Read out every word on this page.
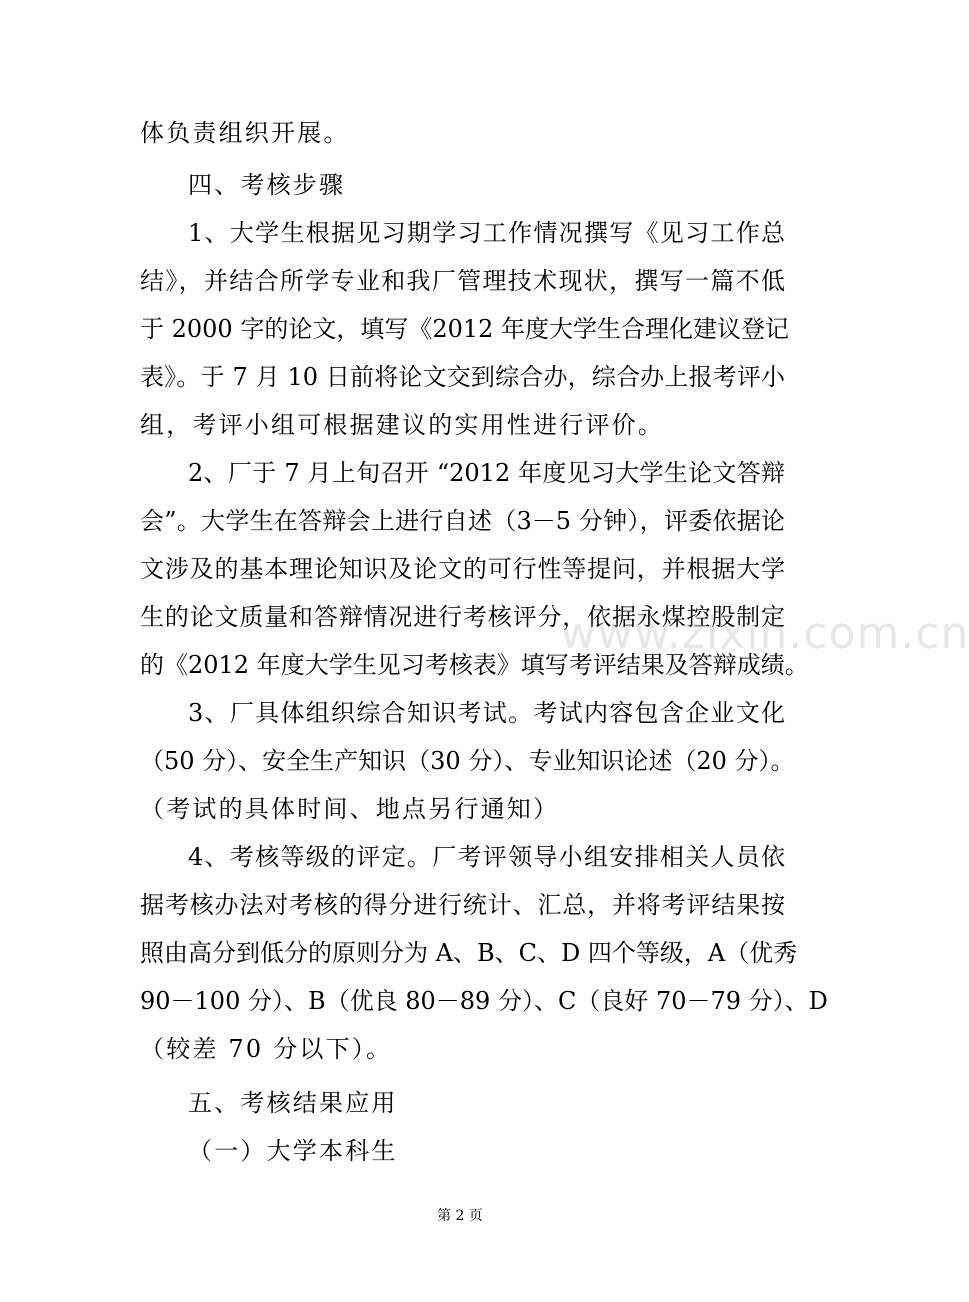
体负责组织开展。
四、考核步骤
1、大学生根据见习期学习工作情况撰写《见习工作总
结》，并结合所学专业和我厂管理技术现状，撰写一篇不低
于 2000 字的论文，填写《2012 年度大学生合理化建议登记
表》。于 7 月 10 日前将论文交到综合办，综合办上报考评小
组，考评小组可根据建议的实用性进行评价。
2、厂于 7 月上旬召开 “2012 年度见习大学生论文答辩
会”。大学生在答辩会上进行自述（3－5 分钟），评委依据论
文涉及的基本理论知识及论文的可行性等提问，并根据大学
生的论文质量和答辩情况进行考核评分，依据永煤控股制定
的《2012 年度大学生见习考核表》填写考评结果及答辩成绩。
3、厂具体组织综合知识考试。考试内容包含企业文化
（50 分）、安全生产知识（30 分）、专业知识论述（20 分）。
（考试的具体时间、地点另行通知）
4、考核等级的评定。厂考评领导小组安排相关人员依
据考核办法对考核的得分进行统计、汇总，并将考评结果按
照由高分到低分的原则分为 A、B、C、D 四个等级，A（优秀
90－100 分）、B（优良 80－89 分）、C（良好 70－79 分）、D
（较差 70 分以下）。
五、考核结果应用
（一）大学本科生
www.zixin.com.cn
第 2 页
